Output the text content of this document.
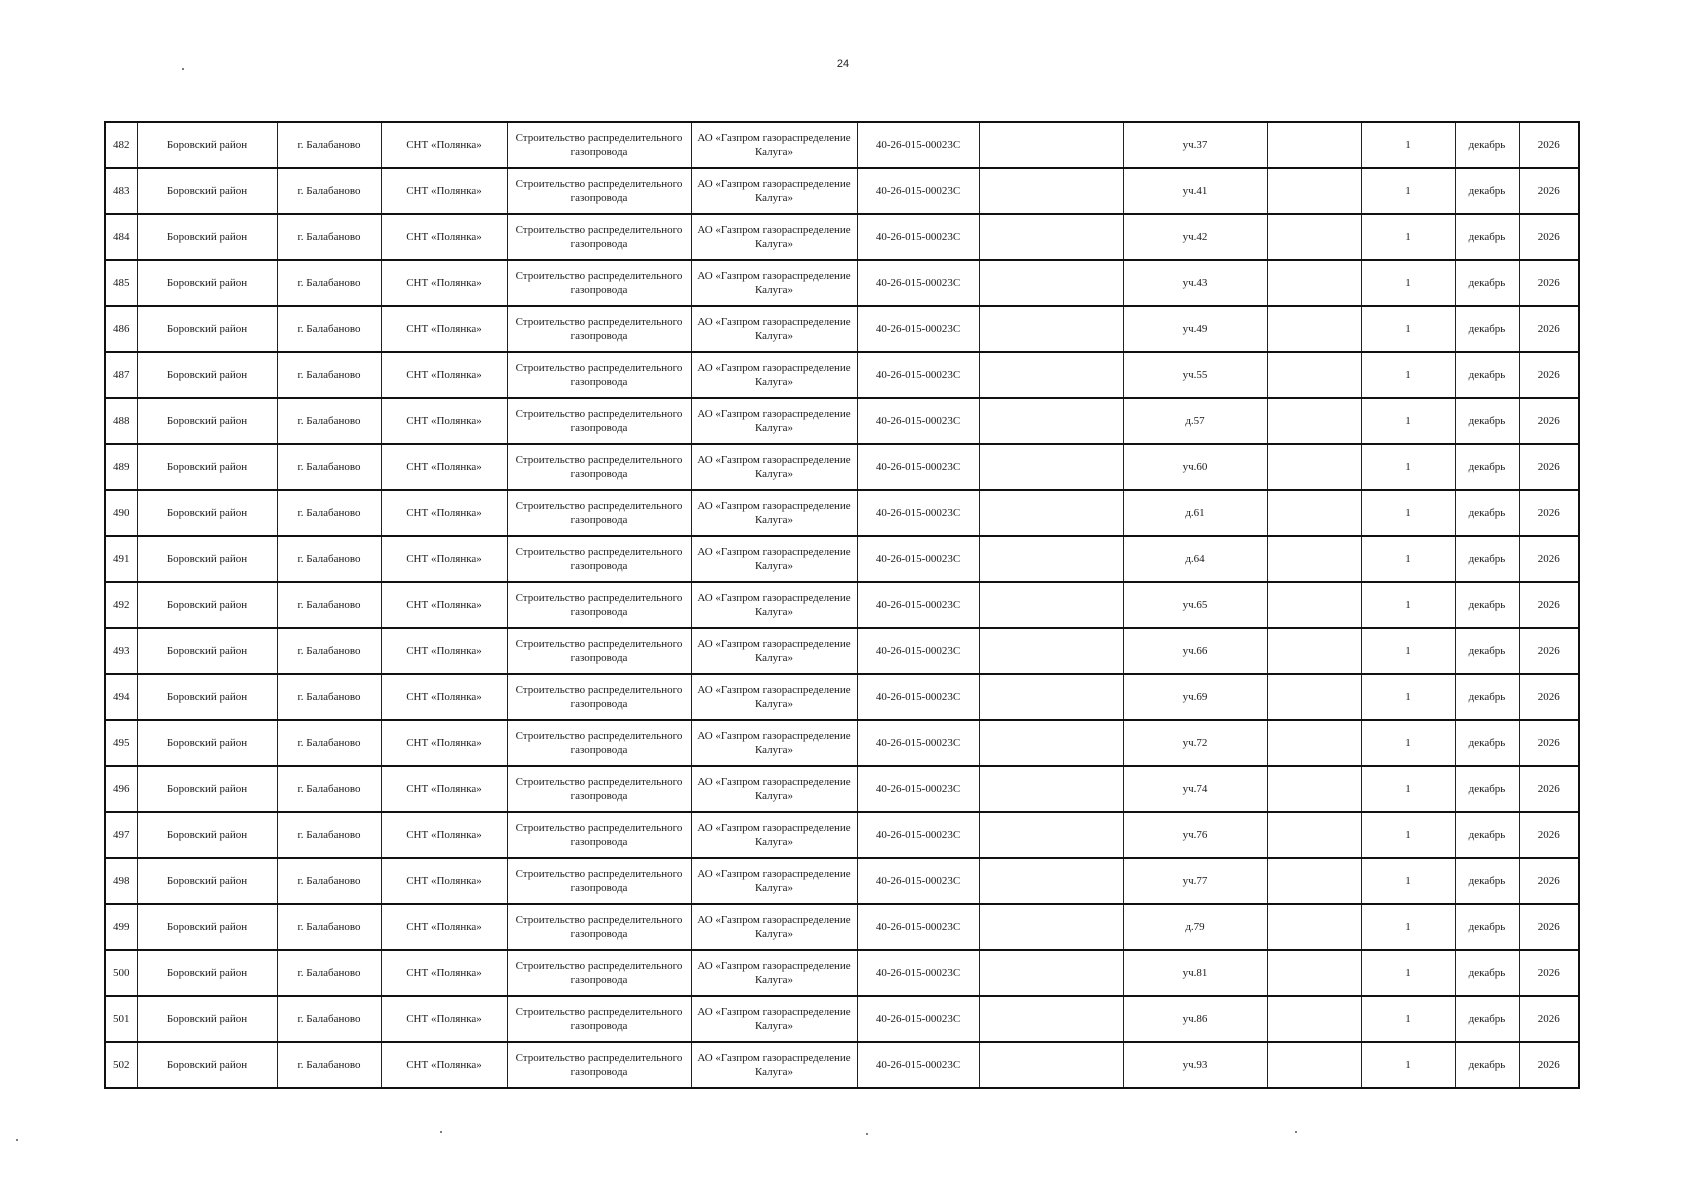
24
482	Боровский район	г. Балабаново	СНТ «Полянка»	Строительство распределительного газопровода	АО «Газпром газораспределение Калуга»	40-26-015-00023С		уч.37		1	декабрь	2026
483	Боровский район	г. Балабаново	СНТ «Полянка»	Строительство распределительного газопровода	АО «Газпром газораспределение Калуга»	40-26-015-00023С		уч.41		1	декабрь	2026
484	Боровский район	г. Балабаново	СНТ «Полянка»	Строительство распределительного газопровода	АО «Газпром газораспределение Калуга»	40-26-015-00023С		уч.42		1	декабрь	2026
485	Боровский район	г. Балабаново	СНТ «Полянка»	Строительство распределительного газопровода	АО «Газпром газораспределение Калуга»	40-26-015-00023С		уч.43		1	декабрь	2026
486	Боровский район	г. Балабаново	СНТ «Полянка»	Строительство распределительного газопровода	АО «Газпром газораспределение Калуга»	40-26-015-00023С		уч.49		1	декабрь	2026
487	Боровский район	г. Балабаново	СНТ «Полянка»	Строительство распределительного газопровода	АО «Газпром газораспределение Калуга»	40-26-015-00023С		уч.55		1	декабрь	2026
488	Боровский район	г. Балабаново	СНТ «Полянка»	Строительство распределительного газопровода	АО «Газпром газораспределение Калуга»	40-26-015-00023С		д.57		1	декабрь	2026
489	Боровский район	г. Балабаново	СНТ «Полянка»	Строительство распределительного газопровода	АО «Газпром газораспределение Калуга»	40-26-015-00023С		уч.60		1	декабрь	2026
490	Боровский район	г. Балабаново	СНТ «Полянка»	Строительство распределительного газопровода	АО «Газпром газораспределение Калуга»	40-26-015-00023С		д.61		1	декабрь	2026
491	Боровский район	г. Балабаново	СНТ «Полянка»	Строительство распределительного газопровода	АО «Газпром газораспределение Калуга»	40-26-015-00023С		д.64		1	декабрь	2026
492	Боровский район	г. Балабаново	СНТ «Полянка»	Строительство распределительного газопровода	АО «Газпром газораспределение Калуга»	40-26-015-00023С		уч.65		1	декабрь	2026
493	Боровский район	г. Балабаново	СНТ «Полянка»	Строительство распределительного газопровода	АО «Газпром газораспределение Калуга»	40-26-015-00023С		уч.66		1	декабрь	2026
494	Боровский район	г. Балабаново	СНТ «Полянка»	Строительство распределительного газопровода	АО «Газпром газораспределение Калуга»	40-26-015-00023С		уч.69		1	декабрь	2026
495	Боровский район	г. Балабаново	СНТ «Полянка»	Строительство распределительного газопровода	АО «Газпром газораспределение Калуга»	40-26-015-00023С		уч.72		1	декабрь	2026
496	Боровский район	г. Балабаново	СНТ «Полянка»	Строительство распределительного газопровода	АО «Газпром газораспределение Калуга»	40-26-015-00023С		уч.74		1	декабрь	2026
497	Боровский район	г. Балабаново	СНТ «Полянка»	Строительство распределительного газопровода	АО «Газпром газораспределение Калуга»	40-26-015-00023С		уч.76		1	декабрь	2026
498	Боровский район	г. Балабаново	СНТ «Полянка»	Строительство распределительного газопровода	АО «Газпром газораспределение Калуга»	40-26-015-00023С		уч.77		1	декабрь	2026
499	Боровский район	г. Балабаново	СНТ «Полянка»	Строительство распределительного газопровода	АО «Газпром газораспределение Калуга»	40-26-015-00023С		д.79		1	декабрь	2026
500	Боровский район	г. Балабаново	СНТ «Полянка»	Строительство распределительного газопровода	АО «Газпром газораспределение Калуга»	40-26-015-00023С		уч.81		1	декабрь	2026
501	Боровский район	г. Балабаново	СНТ «Полянка»	Строительство распределительного газопровода	АО «Газпром газораспределение Калуга»	40-26-015-00023С		уч.86		1	декабрь	2026
502	Боровский район	г. Балабаново	СНТ «Полянка»	Строительство распределительного газопровода	АО «Газпром газораспределение Калуга»	40-26-015-00023С		уч.93		1	декабрь	2026
